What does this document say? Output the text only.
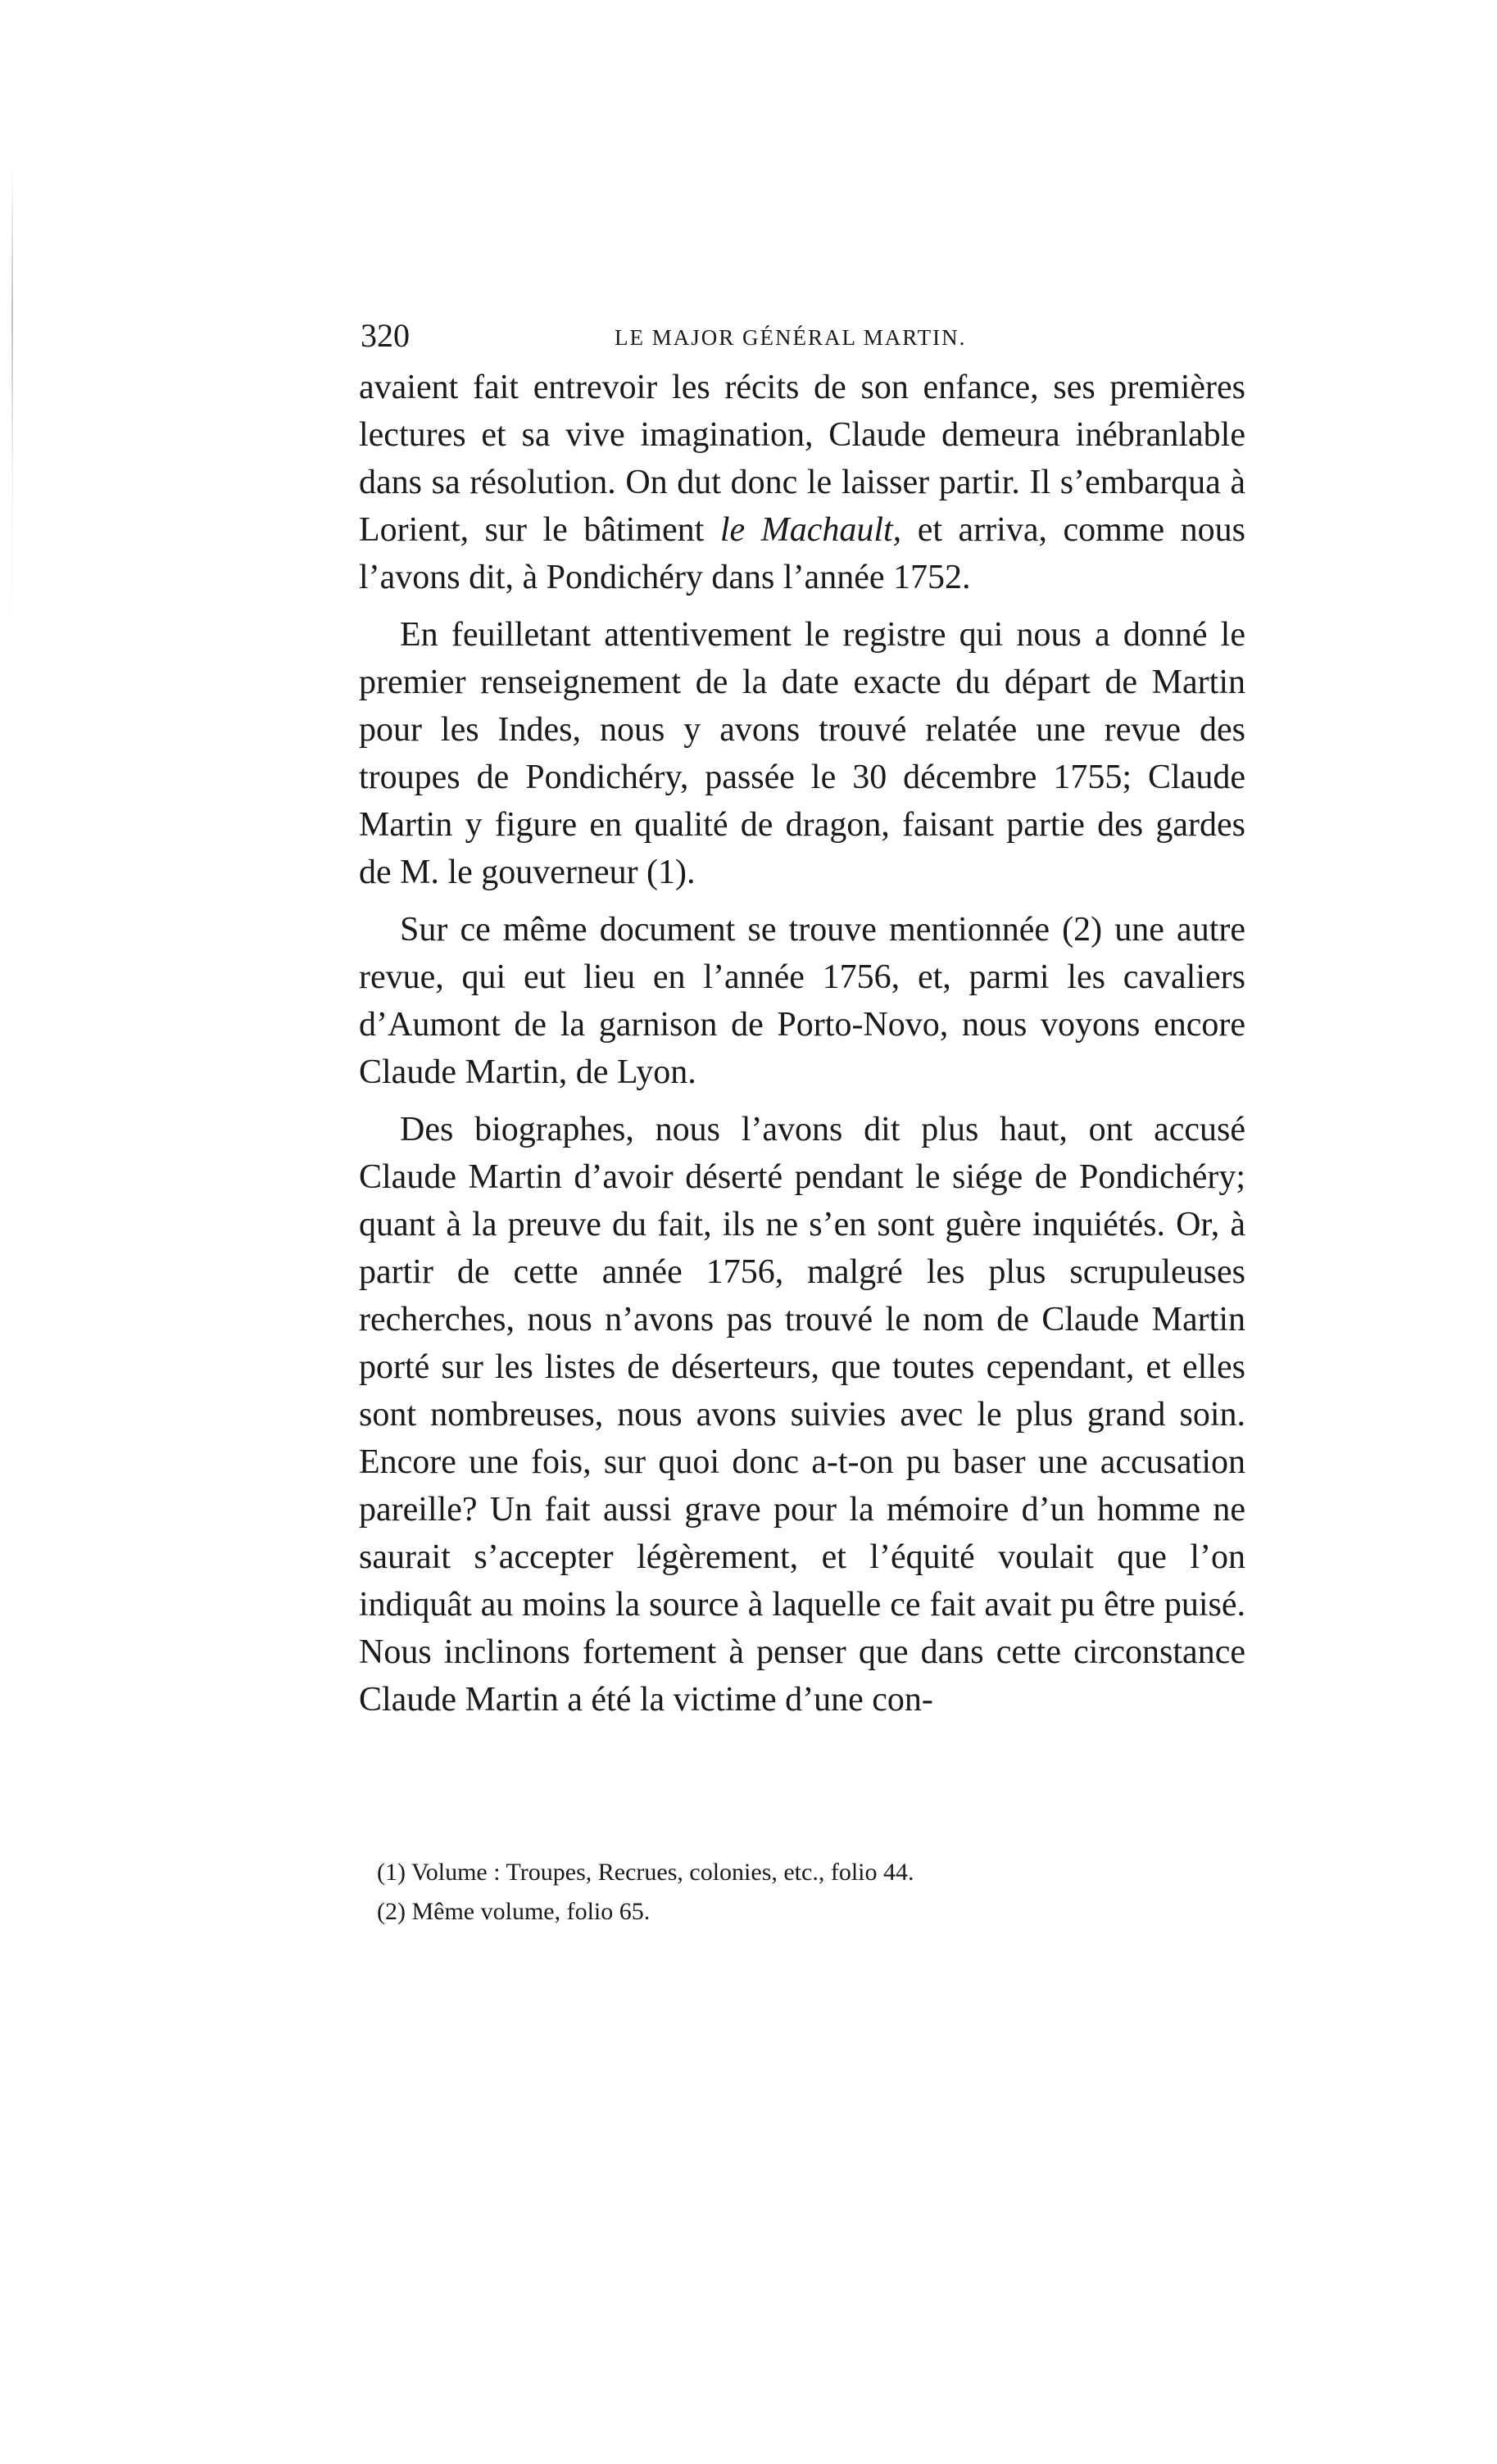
320	LE MAJOR GÉNÉRAL MARTIN.

avaient fait entrevoir les récits de son enfance, ses premières lectures et sa vive imagination, Claude demeura inébranlable dans sa résolution. On dut donc le laisser partir. Il s’embarqua à Lorient, sur le bâtiment le Machault, et arriva, comme nous l’avons dit, à Pondichéry dans l’année 1752.

En feuilletant attentivement le registre qui nous a donné le premier renseignement de la date exacte du départ de Martin pour les Indes, nous y avons trouvé relatée une revue des troupes de Pondichéry, passée le 30 décembre 1755; Claude Martin y figure en qualité de dragon, faisant partie des gardes de M. le gouverneur (1).

Sur ce même document se trouve mentionnée (2) une autre revue, qui eut lieu en l’année 1756, et, parmi les cavaliers d’Aumont de la garnison de Porto-Novo, nous voyons encore Claude Martin, de Lyon.

Des biographes, nous l’avons dit plus haut, ont accusé Claude Martin d’avoir déserté pendant le siége de Pondichéry; quant à la preuve du fait, ils ne s’en sont guère inquiétés. Or, à partir de cette année 1756, malgré les plus scrupuleuses recherches, nous n’avons pas trouvé le nom de Claude Martin porté sur les listes de déserteurs, que toutes cependant, et elles sont nombreuses, nous avons suivies avec le plus grand soin. Encore une fois, sur quoi donc a-t-on pu baser une accusation pareille? Un fait aussi grave pour la mémoire d’un homme ne saurait s’accepter légèrement, et l’équité voulait que l’on indiquât au moins la source à laquelle ce fait avait pu être puisé. Nous inclinons fortement à penser que dans cette circonstance Claude Martin a été la victime d’une con-

(1) Volume : Troupes, Recrues, colonies, etc., folio 44.

(2) Même volume, folio 65.
